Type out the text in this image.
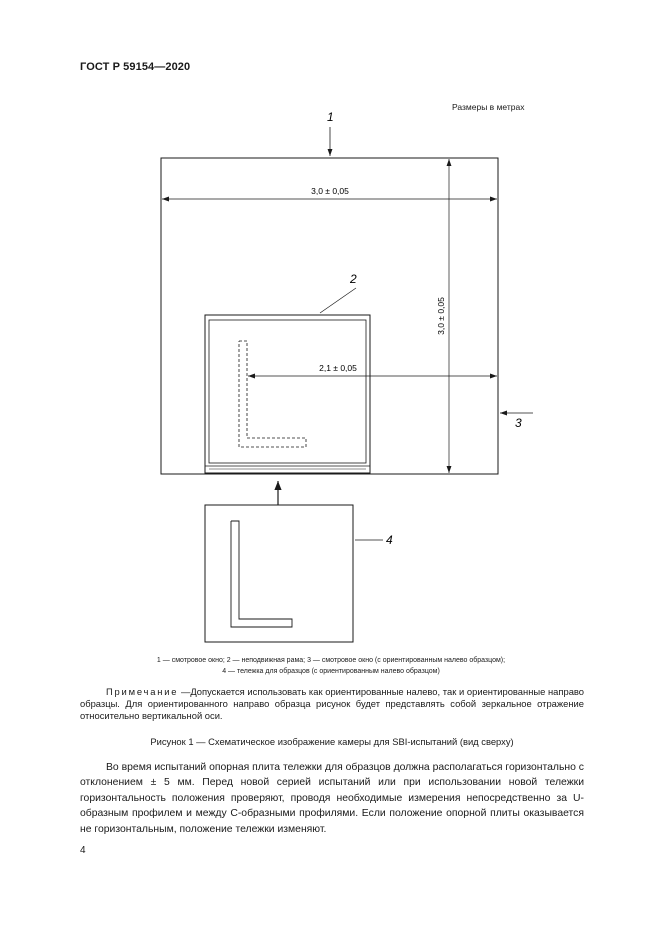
ГОСТ Р 59154—2020
Размеры в метрах
3,0 ± 0,05
3,0 ± 0,05
1
2
2,1 ± 0,05
3
4
1 — смотровое окно; 2 — неподвижная рама; 3 — смотровое окно (с ориентированным налево образцом);
4 — тележка для образцов (с ориентированным налево образцом)
Примечание —Допускается использовать как ориентированные налево, так и ориентированные направо образцы. Для ориентированного направо образца рисунок будет представлять собой зеркальное отражение относительно вертикальной оси.
Рисунок 1 — Схематическое изображение камеры для SBI-испытаний (вид сверху)
Во время испытаний опорная плита тележки для образцов должна располагаться горизонтально с отклонением ± 5 мм. Перед новой серией испытаний или при использовании новой тележки горизонтальность положения проверяют, проводя необходимые измерения непосредственно за U-образным профилем и между C-образными профилями. Если положение опорной плиты оказывается не горизонтальным, положение тележки изменяют.
4
